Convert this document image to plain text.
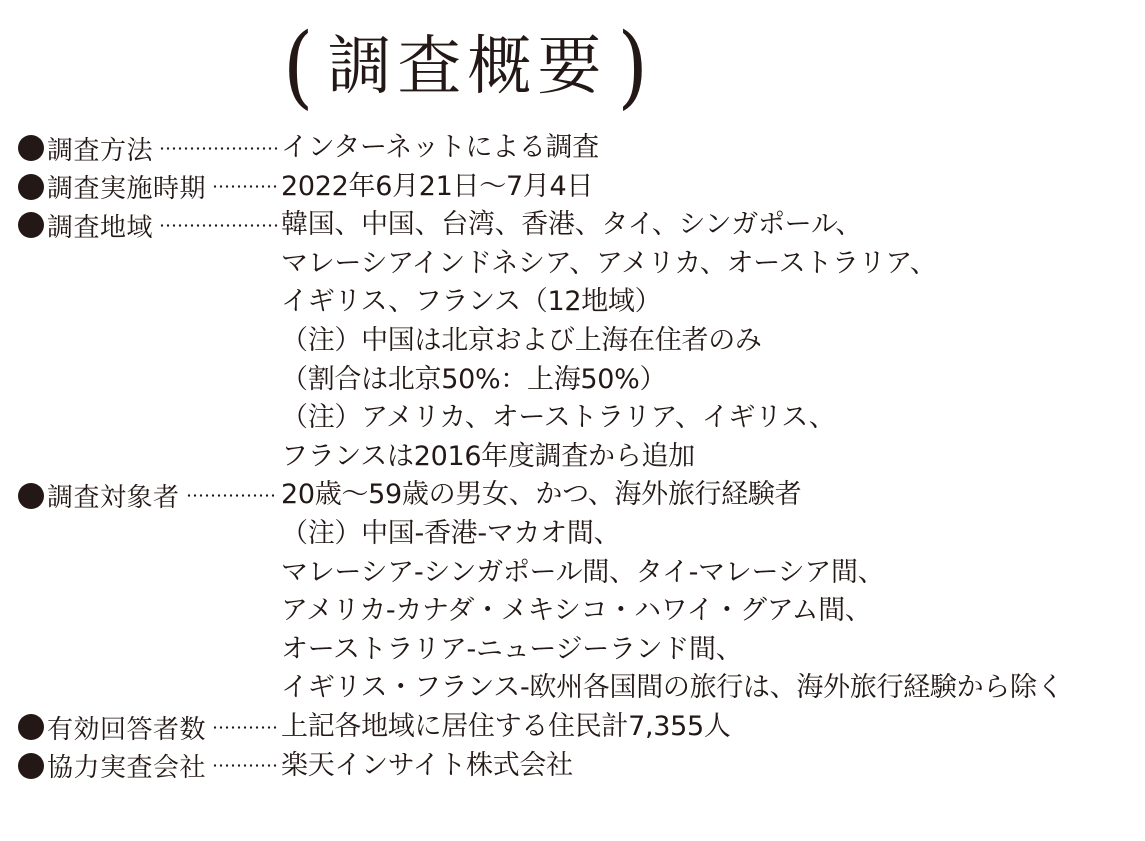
( 調査概要 )
調査方法	インターネットによる調査
調査実施時期	2022年6月21日～7月4日
調査地域	韓国、中国、台湾、香港、タイ、シンガポール、
マレーシアインドネシア、アメリカ、オーストラリア、
イギリス、フランス（12地域）
（注）中国は北京および上海在住者のみ
（割合は北京50%：上海50%）
（注）アメリカ、オーストラリア、イギリス、
フランスは2016年度調査から追加
調査対象者	20歳～59歳の男女、かつ、海外旅行経験者
（注）中国-香港-マカオ間、
マレーシア-シンガポール間、タイ-マレーシア間、
アメリカ-カナダ・メキシコ・ハワイ・グアム間、
オーストラリア-ニュージーランド間、
イギリス・フランス-欧州各国間の旅行は、海外旅行経験から除く
有効回答者数	上記各地域に居住する住民計7,355人
協力実査会社	楽天インサイト株式会社
